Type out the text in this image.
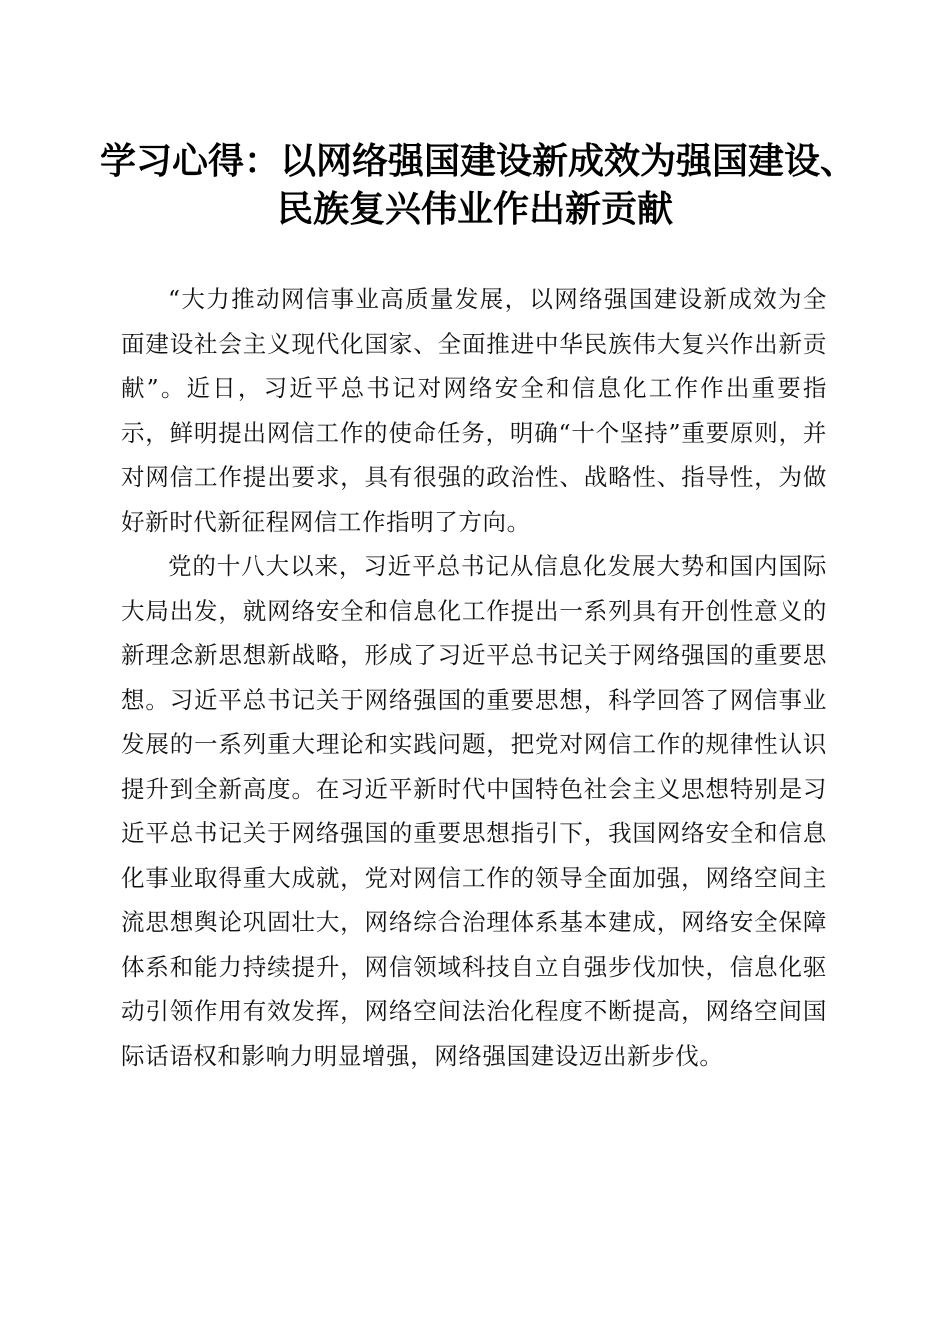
学习心得：以网络强国建设新成效为强国建设、
民族复兴伟业作出新贡献

“大力推动网信事业高质量发展，以网络强国建设新成效为全面建设社会主义现代化国家、全面推进中华民族伟大复兴作出新贡献”。近日，习近平总书记对网络安全和信息化工作作出重要指示，鲜明提出网信工作的使命任务，明确“十个坚持”重要原则，并对网信工作提出要求，具有很强的政治性、战略性、指导性，为做好新时代新征程网信工作指明了方向。

党的十八大以来，习近平总书记从信息化发展大势和国内国际大局出发，就网络安全和信息化工作提出一系列具有开创性意义的新理念新思想新战略，形成了习近平总书记关于网络强国的重要思想。习近平总书记关于网络强国的重要思想，科学回答了网信事业发展的一系列重大理论和实践问题，把党对网信工作的规律性认识提升到全新高度。在习近平新时代中国特色社会主义思想特别是习近平总书记关于网络强国的重要思想指引下，我国网络安全和信息化事业取得重大成就，党对网信工作的领导全面加强，网络空间主流思想舆论巩固壮大，网络综合治理体系基本建成，网络安全保障体系和能力持续提升，网信领域科技自立自强步伐加快，信息化驱动引领作用有效发挥，网络空间法治化程度不断提高，网络空间国际话语权和影响力明显增强，网络强国建设迈出新步伐。
